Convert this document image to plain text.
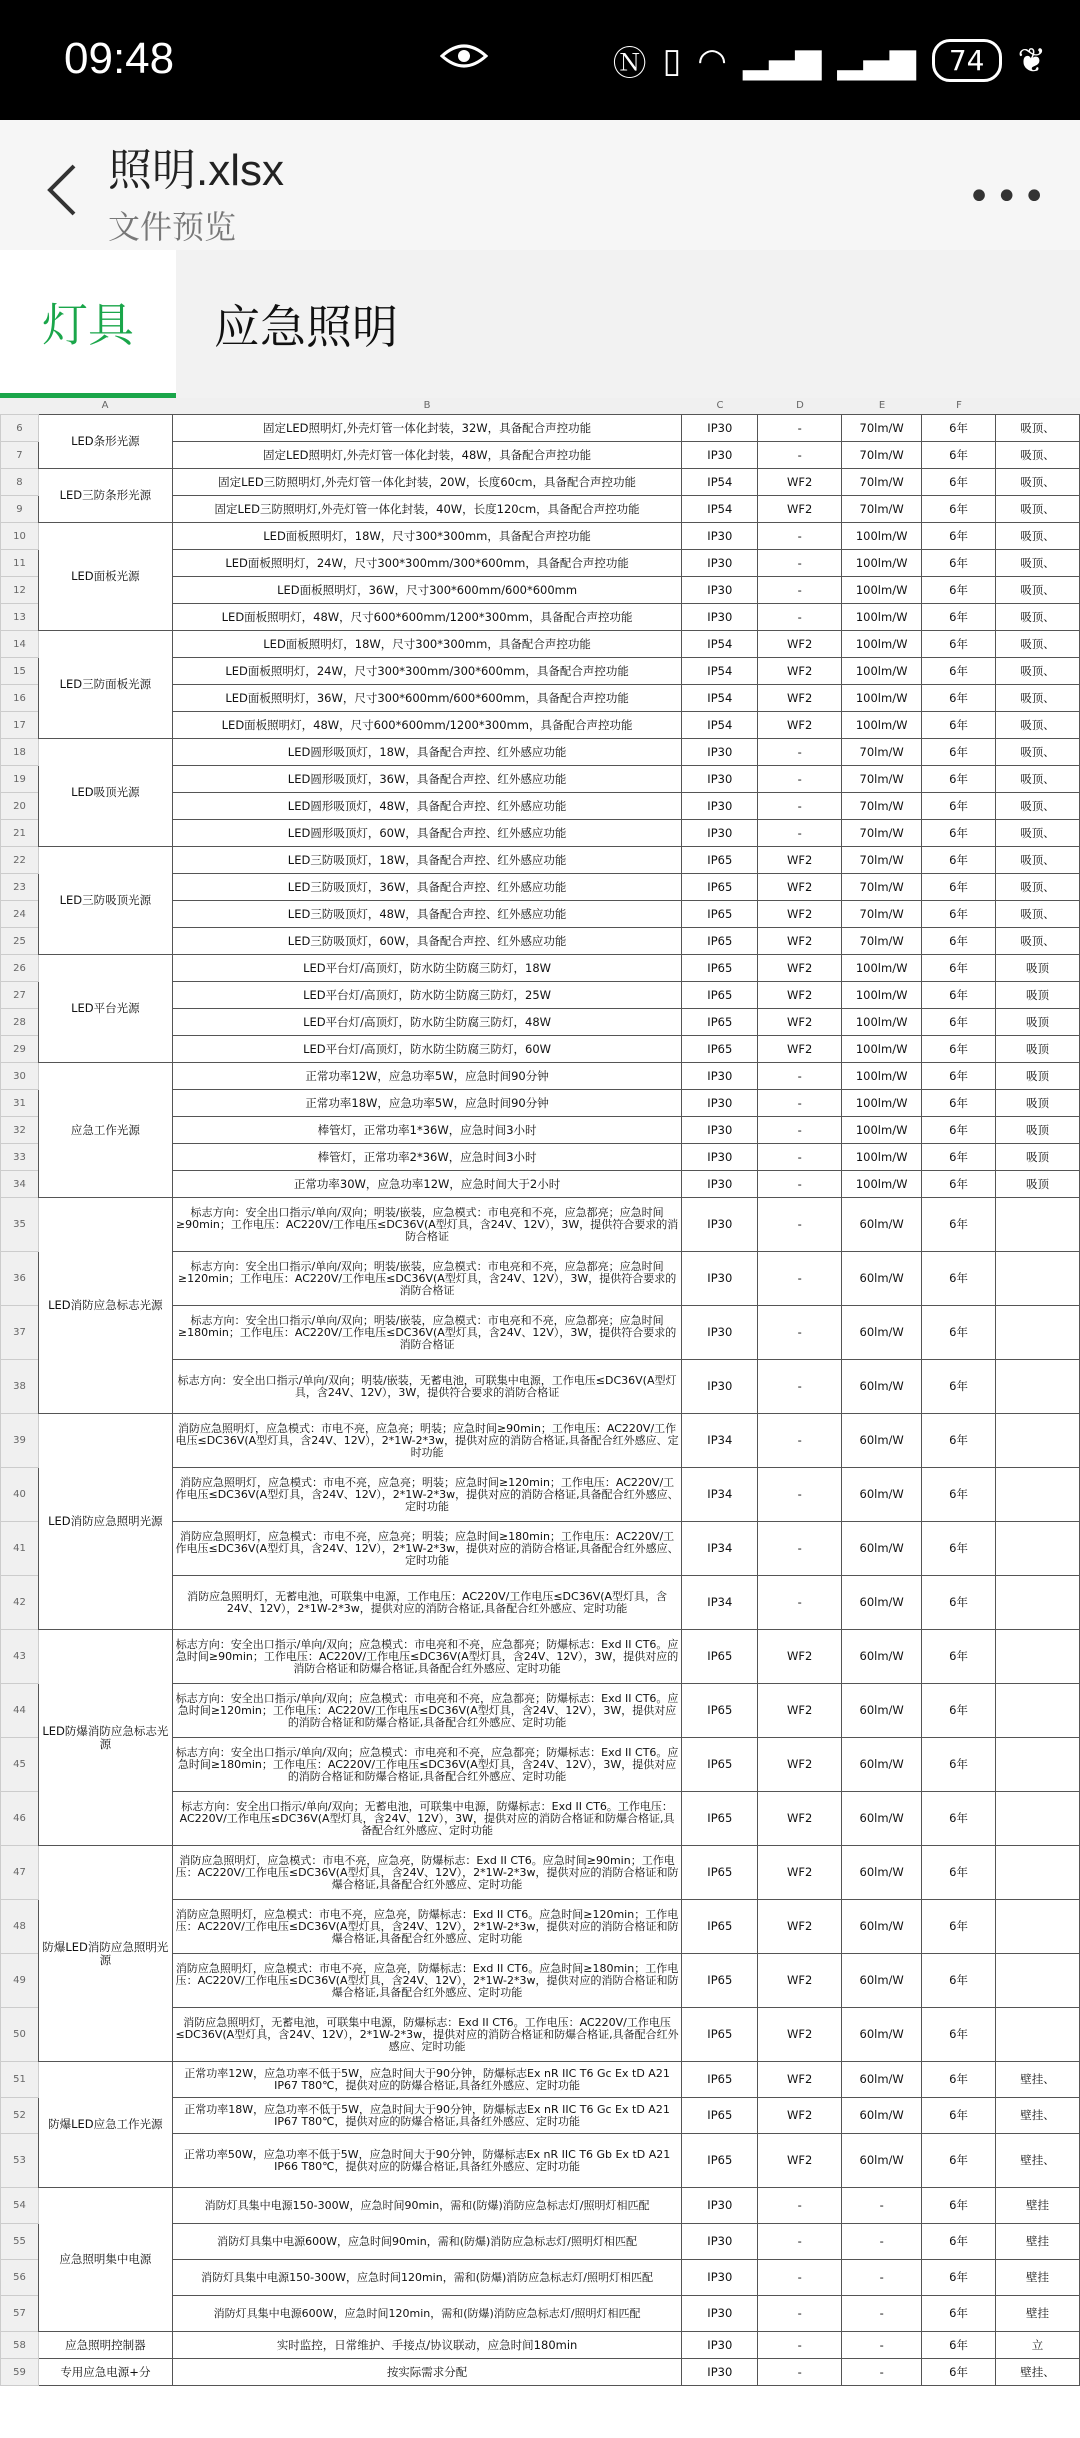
09:48	Ⓝ ▯ ◠ ▂▄▆ ▂▄▆	74 ❦
照明.xlsx
文件预览
•••
灯具	应急照明
A	B	C	D	E	F
6	LED条形光源	固定LED照明灯,外壳灯管一体化封装，32W，具备配合声控功能	IP30	-	70lm/W	6年	吸顶、
7		固定LED照明灯,外壳灯管一体化封装，48W，具备配合声控功能	IP30	-	70lm/W	6年	吸顶、
8	LED三防条形光源	固定LED三防照明灯,外壳灯管一体化封装，20W，长度60cm，具备配合声控功能	IP54	WF2	70lm/W	6年	吸顶、
9		固定LED三防照明灯,外壳灯管一体化封装，40W，长度120cm，具备配合声控功能	IP54	WF2	70lm/W	6年	吸顶、
10	LED面板光源	LED面板照明灯，18W，尺寸300*300mm，具备配合声控功能	IP30	-	100lm/W	6年	吸顶、
11		LED面板照明灯，24W，尺寸300*300mm/300*600mm，具备配合声控功能	IP30	-	100lm/W	6年	吸顶、
12		LED面板照明灯，36W，尺寸300*600mm/600*600mm	IP30	-	100lm/W	6年	吸顶、
13		LED面板照明灯，48W，尺寸600*600mm/1200*300mm，具备配合声控功能	IP30	-	100lm/W	6年	吸顶、
14	LED三防面板光源	LED面板照明灯，18W，尺寸300*300mm，具备配合声控功能	IP54	WF2	100lm/W	6年	吸顶、
15		LED面板照明灯，24W，尺寸300*300mm/300*600mm，具备配合声控功能	IP54	WF2	100lm/W	6年	吸顶、
16		LED面板照明灯，36W，尺寸300*600mm/600*600mm，具备配合声控功能	IP54	WF2	100lm/W	6年	吸顶、
17		LED面板照明灯，48W，尺寸600*600mm/1200*300mm，具备配合声控功能	IP54	WF2	100lm/W	6年	吸顶、
18	LED吸顶光源	LED圆形吸顶灯，18W，具备配合声控、红外感应功能	IP30	-	70lm/W	6年	吸顶、
19		LED圆形吸顶灯，36W，具备配合声控、红外感应功能	IP30	-	70lm/W	6年	吸顶、
20		LED圆形吸顶灯，48W，具备配合声控、红外感应功能	IP30	-	70lm/W	6年	吸顶、
21		LED圆形吸顶灯，60W，具备配合声控、红外感应功能	IP30	-	70lm/W	6年	吸顶、
22	LED三防吸顶光源	LED三防吸顶灯，18W，具备配合声控、红外感应功能	IP65	WF2	70lm/W	6年	吸顶、
23		LED三防吸顶灯，36W，具备配合声控、红外感应功能	IP65	WF2	70lm/W	6年	吸顶、
24		LED三防吸顶灯，48W，具备配合声控、红外感应功能	IP65	WF2	70lm/W	6年	吸顶、
25		LED三防吸顶灯，60W，具备配合声控、红外感应功能	IP65	WF2	70lm/W	6年	吸顶、
26	LED平台光源	LED平台灯/高顶灯，防水防尘防腐三防灯，18W	IP65	WF2	100lm/W	6年	吸顶
27		LED平台灯/高顶灯，防水防尘防腐三防灯，25W	IP65	WF2	100lm/W	6年	吸顶
28		LED平台灯/高顶灯，防水防尘防腐三防灯，48W	IP65	WF2	100lm/W	6年	吸顶
29		LED平台灯/高顶灯，防水防尘防腐三防灯，60W	IP65	WF2	100lm/W	6年	吸顶
30	应急工作光源	正常功率12W，应急功率5W，应急时间90分钟	IP30	-	100lm/W	6年	吸顶
31		正常功率18W，应急功率5W，应急时间90分钟	IP30	-	100lm/W	6年	吸顶
32		棒管灯，正常功率1*36W，应急时间3小时	IP30	-	100lm/W	6年	吸顶
33		棒管灯，正常功率2*36W，应急时间3小时	IP30	-	100lm/W	6年	吸顶
34		正常功率30W，应急功率12W，应急时间大于2小时	IP30	-	100lm/W	6年	吸顶
35	LED消防应急标志光源	标志方向：安全出口指示/单向/双向；明装/嵌装，应急模式：市电亮和不亮，应急都亮；应急时间≥90min；工作电压：AC220V/工作电压≤DC36V(A型灯具，含24V、12V），3W，提供符合要求的消防合格证	IP30	-	60lm/W	6年	
36		标志方向：安全出口指示/单向/双向；明装/嵌装，应急模式：市电亮和不亮，应急都亮；应急时间≥120min；工作电压：AC220V/工作电压≤DC36V(A型灯具，含24V、12V），3W，提供符合要求的消防合格证	IP30	-	60lm/W	6年	
37		标志方向：安全出口指示/单向/双向；明装/嵌装，应急模式：市电亮和不亮，应急都亮；应急时间≥180min；工作电压：AC220V/工作电压≤DC36V(A型灯具，含24V、12V），3W，提供符合要求的消防合格证	IP30	-	60lm/W	6年	
38		标志方向：安全出口指示/单向/双向；明装/嵌装，无蓄电池，可联集中电源，工作电压≤DC36V(A型灯具，含24V、12V），3W，提供符合要求的消防合格证	IP30	-	60lm/W	6年	
39	LED消防应急照明光源	消防应急照明灯，应急模式：市电不亮，应急亮；明装；应急时间≥90min；工作电压：AC220V/工作电压≤DC36V(A型灯具，含24V、12V），2*1W-2*3w，提供对应的消防合格证,具备配合红外感应、定时功能	IP34	-	60lm/W	6年	
40		消防应急照明灯，应急模式：市电不亮，应急亮；明装；应急时间≥120min；工作电压：AC220V/工作电压≤DC36V(A型灯具，含24V、12V），2*1W-2*3w，提供对应的消防合格证,具备配合红外感应、定时功能	IP34	-	60lm/W	6年	
41		消防应急照明灯，应急模式：市电不亮，应急亮；明装；应急时间≥180min；工作电压：AC220V/工作电压≤DC36V(A型灯具，含24V、12V），2*1W-2*3w，提供对应的消防合格证,具备配合红外感应、定时功能	IP34	-	60lm/W	6年	
42		消防应急照明灯，无蓄电池，可联集中电源，工作电压：AC220V/工作电压≤DC36V(A型灯具，含24V、12V），2*1W-2*3w，提供对应的消防合格证,具备配合红外感应、定时功能	IP34	-	60lm/W	6年	
43	LED防爆消防应急标志光源	标志方向：安全出口指示/单向/双向；应急模式：市电亮和不亮，应急都亮；防爆标志：Exd II CT6。应急时间≥90min；工作电压：AC220V/工作电压≤DC36V(A型灯具，含24V、12V），3W，提供对应的消防合格证和防爆合格证,具备配合红外感应、定时功能	IP65	WF2	60lm/W	6年	
44		标志方向：安全出口指示/单向/双向；应急模式：市电亮和不亮，应急都亮；防爆标志：Exd II CT6。应急时间≥120min；工作电压：AC220V/工作电压≤DC36V(A型灯具，含24V、12V），3W，提供对应的消防合格证和防爆合格证,具备配合红外感应、定时功能	IP65	WF2	60lm/W	6年	
45		标志方向：安全出口指示/单向/双向；应急模式：市电亮和不亮，应急都亮；防爆标志：Exd II CT6。应急时间≥180min；工作电压：AC220V/工作电压≤DC36V(A型灯具，含24V、12V），3W，提供对应的消防合格证和防爆合格证,具备配合红外感应、定时功能	IP65	WF2	60lm/W	6年	
46		标志方向：安全出口指示/单向/双向；无蓄电池，可联集中电源，防爆标志：Exd II CT6。工作电压：AC220V/工作电压≤DC36V(A型灯具，含24V、12V），3W，提供对应的消防合格证和防爆合格证,具备配合红外感应、定时功能	IP65	WF2	60lm/W	6年	
47	防爆LED消防应急照明光源	消防应急照明灯，应急模式：市电不亮，应急亮，防爆标志：Exd II CT6。应急时间≥90min；工作电压：AC220V/工作电压≤DC36V(A型灯具，含24V、12V），2*1W-2*3w，提供对应的消防合格证和防爆合格证,具备配合红外感应、定时功能	IP65	WF2	60lm/W	6年	
48		消防应急照明灯，应急模式：市电不亮，应急亮，防爆标志：Exd II CT6。应急时间≥120min；工作电压：AC220V/工作电压≤DC36V(A型灯具，含24V、12V），2*1W-2*3w，提供对应的消防合格证和防爆合格证,具备配合红外感应、定时功能	IP65	WF2	60lm/W	6年	
49		消防应急照明灯，应急模式：市电不亮，应急亮，防爆标志：Exd II CT6。应急时间≥180min；工作电压：AC220V/工作电压≤DC36V(A型灯具，含24V、12V），2*1W-2*3w，提供对应的消防合格证和防爆合格证,具备配合红外感应、定时功能	IP65	WF2	60lm/W	6年	
50		消防应急照明灯，无蓄电池，可联集中电源，防爆标志：Exd II CT6。工作电压：AC220V/工作电压≤DC36V(A型灯具，含24V、12V），2*1W-2*3w，提供对应的消防合格证和防爆合格证,具备配合红外感应、定时功能	IP65	WF2	60lm/W	6年	
51	防爆LED应急工作光源	正常功率12W，应急功率不低于5W，应急时间大于90分钟，防爆标志Ex nR IIC T6 Gc Ex tD A21 IP67 T80℃，提供对应的防爆合格证,具备红外感应、定时功能	IP65	WF2	60lm/W	6年	壁挂、
52		正常功率18W，应急功率不低于5W，应急时间大于90分钟，防爆标志Ex nR IIC T6 Gc Ex tD A21 IP67 T80℃，提供对应的防爆合格证,具备红外感应、定时功能	IP65	WF2	60lm/W	6年	壁挂、
53		正常功率50W，应急功率不低于5W，应急时间大于90分钟，防爆标志Ex nR IIC T6 Gb Ex tD A21 IP66 T80℃，提供对应的防爆合格证,具备红外感应、定时功能	IP65	WF2	60lm/W	6年	壁挂、
54	应急照明集中电源	消防灯具集中电源150-300W，应急时间90min，需和(防爆)消防应急标志灯/照明灯相匹配	IP30	-	-	6年	壁挂
55		消防灯具集中电源600W，应急时间90min，需和(防爆)消防应急标志灯/照明灯相匹配	IP30	-	-	6年	壁挂
56		消防灯具集中电源150-300W，应急时间120min，需和(防爆)消防应急标志灯/照明灯相匹配	IP30	-	-	6年	壁挂
57		消防灯具集中电源600W，应急时间120min，需和(防爆)消防应急标志灯/照明灯相匹配	IP30	-	-	6年	壁挂
58	应急照明控制器	实时监控，日常维护、手接点/协议联动，应急时间180min	IP30	-	-	6年	立
59	专用应急电源+分	按实际需求分配	IP30	-	-	6年	壁挂、
